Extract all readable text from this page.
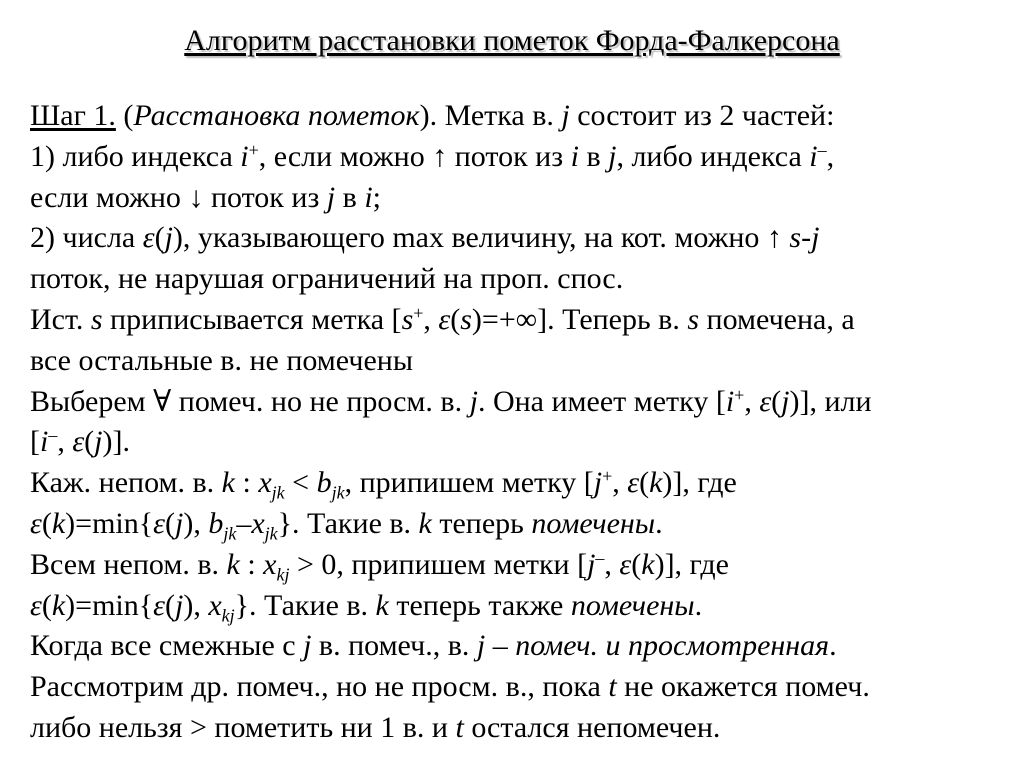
Алгоритм расстановки пометок Форда-Фалкерсона
Шаг 1. (Расстановка пометок). Метка в. j состоит из 2 частей:
1) либо индекса i+, если можно ↑ поток из i в j, либо индекса i–,
если можно ↓ поток из j в i;
2) числа ε(j), указывающего max величину, на кот. можно ↑ s-j
поток, не нарушая ограничений на проп. спос.
Ист. s приписывается метка [s+, ε(s)=+∞]. Теперь в. s помечена, а
все остальные в. не помечены
Выберем ∀ помеч. но не просм. в. j. Она имеет метку [i+, ε(j)], или
[i–, ε(j)].
Каж. непом. в. k : $x_{jk} < b_{jk}$, припишем метку [j+, ε(k)], где
ε(k)=min{ε(j), $b_{jk}-x_{jk}$}. Такие в. k теперь помечены.
Всем непом. в. k : $x_{kj} > 0$, припишем метки [j–, ε(k)], где
ε(k)=min{ε(j), $x_{kj}$}. Такие в. k теперь также помечены.
Когда все смежные с j в. помеч., в. j – помеч. и просмотренная.
Рассмотрим др. помеч., но не просм. в., пока t не окажется помеч.
либо нельзя > пометить ни 1 в. и t остался непомечен.
